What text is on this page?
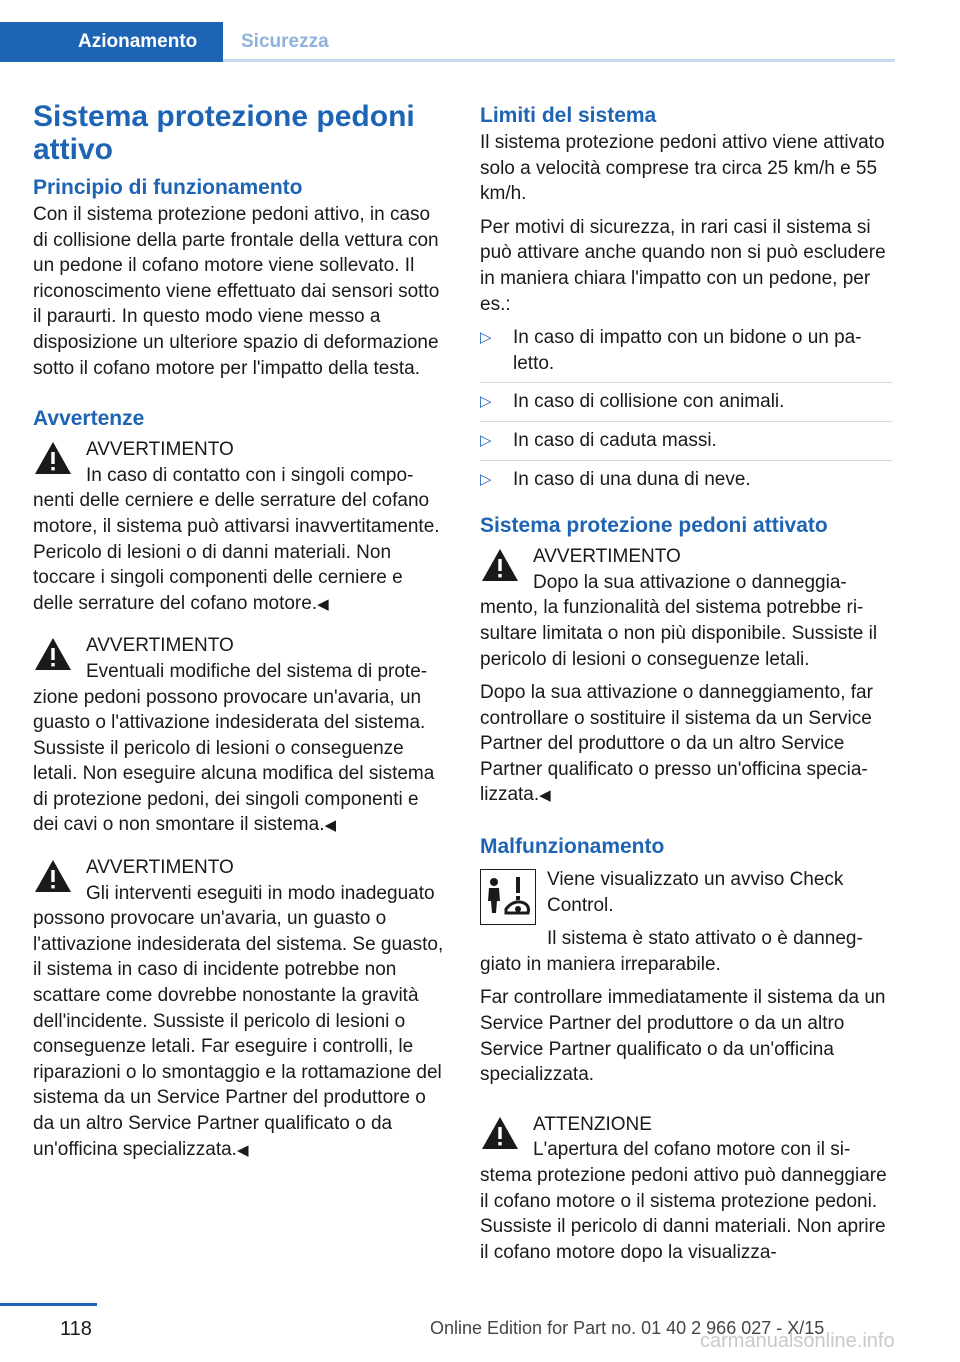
Azionamento	Sicurezza
Sistema protezione pedoni attivo
Principio di funzionamento

Con il sistema protezione pedoni attivo, in caso di collisione della parte frontale della vettura con un pedone il cofano motore viene sollevato. Il riconoscimento viene effettuato dai sensori sotto il paraurti. In questo modo viene messo a disposizione un ulteriore spazio di deformazione sotto il cofano motore per l'impatto della testa.

Avvertenze
AVVERTIMENTO

In caso di contatto con i singoli componenti delle cerniere e delle serrature del cofano motore, il sistema può attivarsi inavvertitamente. Pericolo di lesioni o di danni materiali. Non toccare i singoli componenti delle cerniere e delle serrature del cofano motore.◀

AVVERTIMENTO

Eventuali modifiche del sistema di protezione pedoni possono provocare un'avaria, un guasto o l'attivazione indesiderata del sistema. Sussiste il pericolo di lesioni o conseguenze letali. Non eseguire alcuna modifica del sistema di protezione pedoni, dei singoli componenti e dei cavi o non smontare il sistema.◀

AVVERTIMENTO

Gli interventi eseguiti in modo inadeguato possono provocare un'avaria, un guasto o l'attivazione indesiderata del sistema. Se guasto, il sistema in caso di incidente potrebbe non scattare come dovrebbe nonostante la gravità dell'incidente. Sussiste il pericolo di lesioni o conseguenze letali. Far eseguire i controlli, le riparazioni o lo smontaggio e la rottamazione del sistema da un Service Partner del produttore o da un altro Service Partner qualificato o da un'officina specializzata.◀

Limiti del sistema

Il sistema protezione pedoni attivo viene attivato solo a velocità comprese tra circa 25 km/h e 55 km/h.

Per motivi di sicurezza, in rari casi il sistema si può attivare anche quando non si può escludere in maniera chiara l'impatto con un pedone, per es.:

▷ In caso di impatto con un bidone o un paletto.
▷ In caso di collisione con animali.
▷ In caso di caduta massi.
▷ In caso di una duna di neve.
Sistema protezione pedoni attivato
AVVERTIMENTO

Dopo la sua attivazione o danneggiamento, la funzionalità del sistema potrebbe risultare limitata o non più disponibile. Sussiste il pericolo di lesioni o conseguenze letali.

Dopo la sua attivazione o danneggiamento, far controllare o sostituire il sistema da un Service Partner del produttore o da un altro Service Partner qualificato o presso un'officina specializzata.◀

Malfunzionamento

Viene visualizzato un avviso Check Control.

Il sistema è stato attivato o è danneggiato in maniera irreparabile.

Far controllare immediatamente il sistema da un Service Partner del produttore o da un altro Service Partner qualificato o da un'officina specializzata.

ATTENZIONE

L'apertura del cofano motore con il sistema protezione pedoni attivo può danneggiare il cofano motore o il sistema protezione pedoni. Sussiste il pericolo di danni materiali. Non aprire il cofano motore dopo la visualizza-

118	Online Edition for Part no. 01 40 2 966 027 - X/15
carmanualsonline.info
